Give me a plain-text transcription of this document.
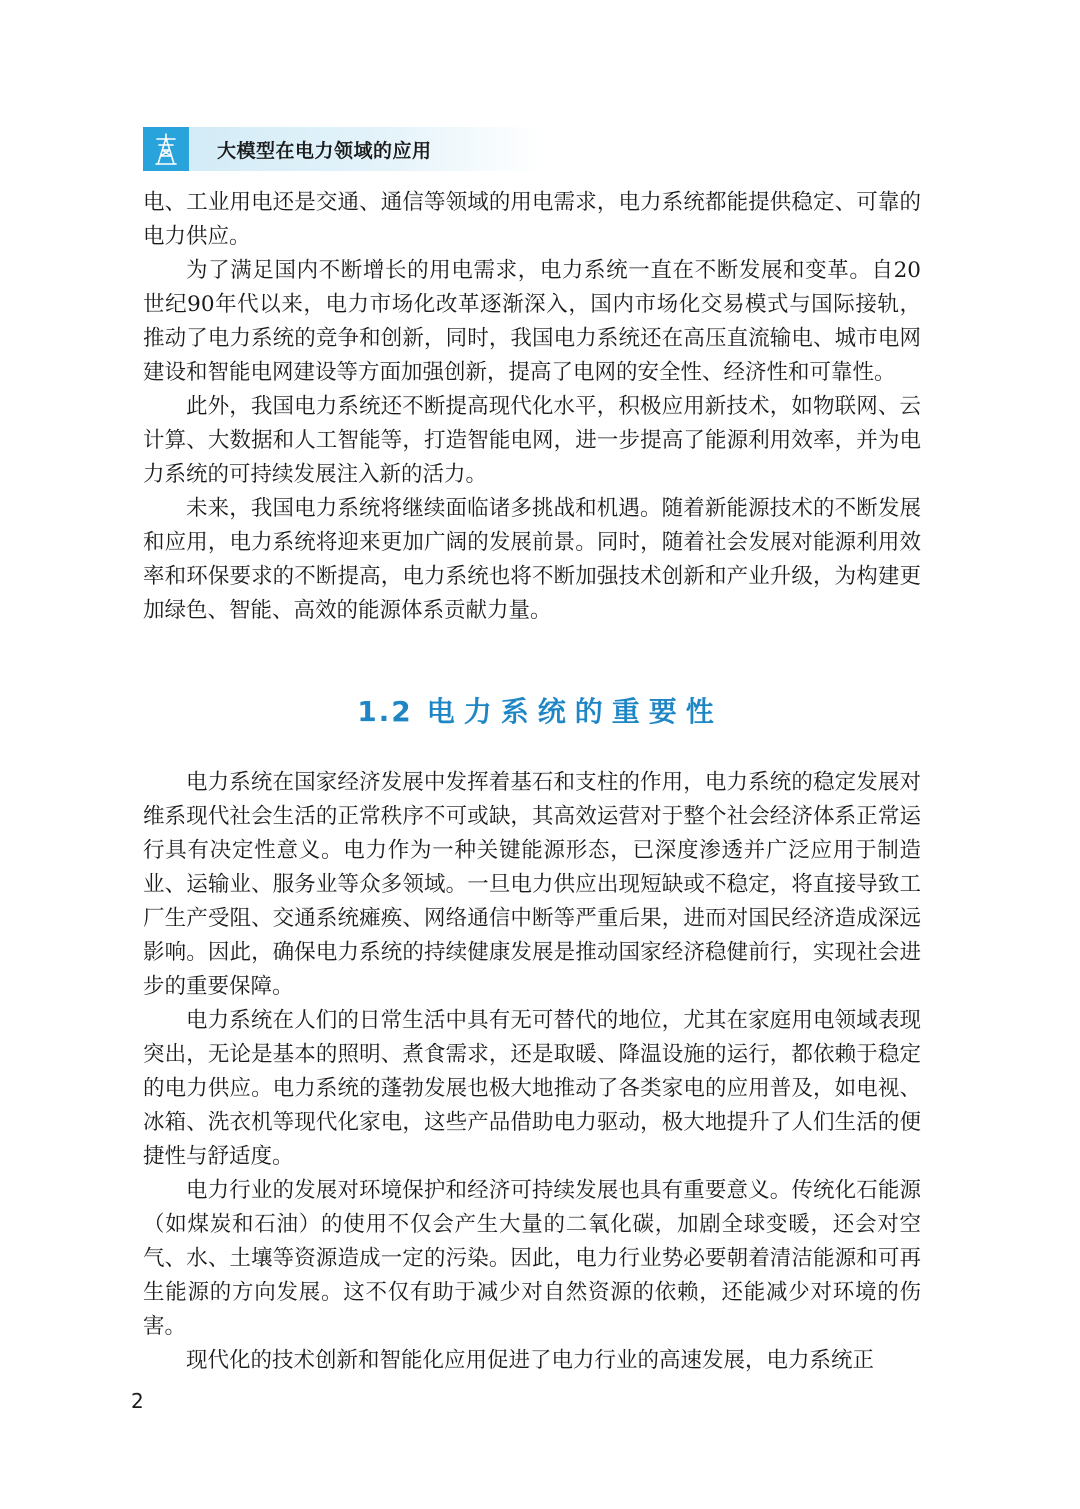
大模型在电力领域的应用

电、工业用电还是交通、通信等领域的用电需求，电力系统都能提供稳定、可靠的电力供应。

为了满足国内不断增长的用电需求，电力系统一直在不断发展和变革。自20世纪90年代以来，电力市场化改革逐渐深入，国内市场化交易模式与国际接轨，推动了电力系统的竞争和创新，同时，我国电力系统还在高压直流输电、城市电网建设和智能电网建设等方面加强创新，提高了电网的安全性、经济性和可靠性。

此外，我国电力系统还不断提高现代化水平，积极应用新技术，如物联网、云计算、大数据和人工智能等，打造智能电网，进一步提高了能源利用效率，并为电力系统的可持续发展注入新的活力。

未来，我国电力系统将继续面临诸多挑战和机遇。随着新能源技术的不断发展和应用，电力系统将迎来更加广阔的发展前景。同时，随着社会发展对能源利用效率和环保要求的不断提高，电力系统也将不断加强技术创新和产业升级，为构建更加绿色、智能、高效的能源体系贡献力量。

1.2 电力系统的重要性

电力系统在国家经济发展中发挥着基石和支柱的作用，电力系统的稳定发展对维系现代社会生活的正常秩序不可或缺，其高效运营对于整个社会经济体系正常运行具有决定性意义。电力作为一种关键能源形态，已深度渗透并广泛应用于制造业、运输业、服务业等众多领域。一旦电力供应出现短缺或不稳定，将直接导致工厂生产受阻、交通系统瘫痪、网络通信中断等严重后果，进而对国民经济造成深远影响。因此，确保电力系统的持续健康发展是推动国家经济稳健前行，实现社会进步的重要保障。

电力系统在人们的日常生活中具有无可替代的地位，尤其在家庭用电领域表现突出，无论是基本的照明、煮食需求，还是取暖、降温设施的运行，都依赖于稳定的电力供应。电力系统的蓬勃发展也极大地推动了各类家电的应用普及，如电视、冰箱、洗衣机等现代化家电，这些产品借助电力驱动，极大地提升了人们生活的便捷性与舒适度。

电力行业的发展对环境保护和经济可持续发展也具有重要意义。传统化石能源（如煤炭和石油）的使用不仅会产生大量的二氧化碳，加剧全球变暖，还会对空气、水、土壤等资源造成一定的污染。因此，电力行业势必要朝着清洁能源和可再生能源的方向发展。这不仅有助于减少对自然资源的依赖，还能减少对环境的伤害。

现代化的技术创新和智能化应用促进了电力行业的高速发展，电力系统正

2
